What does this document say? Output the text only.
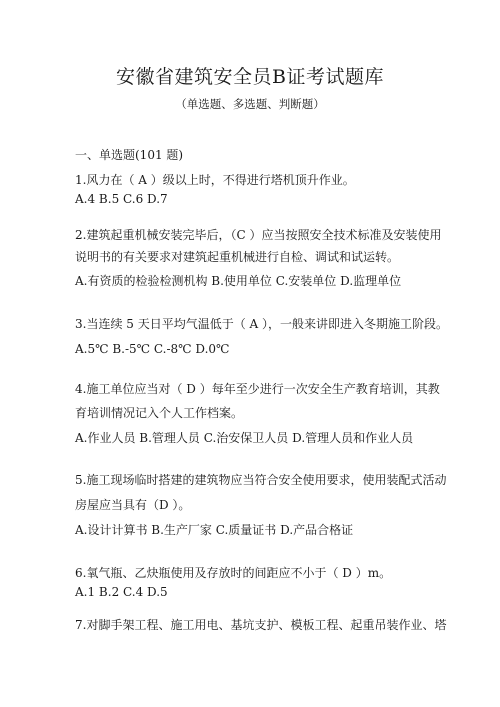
安徽省建筑安全员B证考试题库
（单选题、多选题、判断题）
一、单选题(101 题)
1.风力在（ A ）级以上时，不得进行塔机顶升作业。
A.4 B.5 C.6 D.7
2.建筑起重机械安装完毕后，（C ）应当按照安全技术标准及安装使用
说明书的有关要求对建筑起重机械进行自检、调试和试运转。
A.有资质的检验检测机构 B.使用单位 C.安装单位 D.监理单位
3.当连续 5 天日平均气温低于（ A ），一般来讲即进入冬期施工阶段。
A.5℃ B.-5℃ C.-8℃ D.0℃
4.施工单位应当对（ D ）每年至少进行一次安全生产教育培训，其教
育培训情况记入个人工作档案。
A.作业人员 B.管理人员 C.治安保卫人员 D.管理人员和作业人员
5.施工现场临时搭建的建筑物应当符合安全使用要求，使用装配式活动
房屋应当具有（D ）。
A.设计计算书 B.生产厂家 C.质量证书 D.产品合格证
6.氧气瓶、乙炔瓶使用及存放时的间距应不小于（ D ）m。
A.1 B.2 C.4 D.5
7.对脚手架工程、施工用电、基坑支护、模板工程、起重吊装作业、塔
